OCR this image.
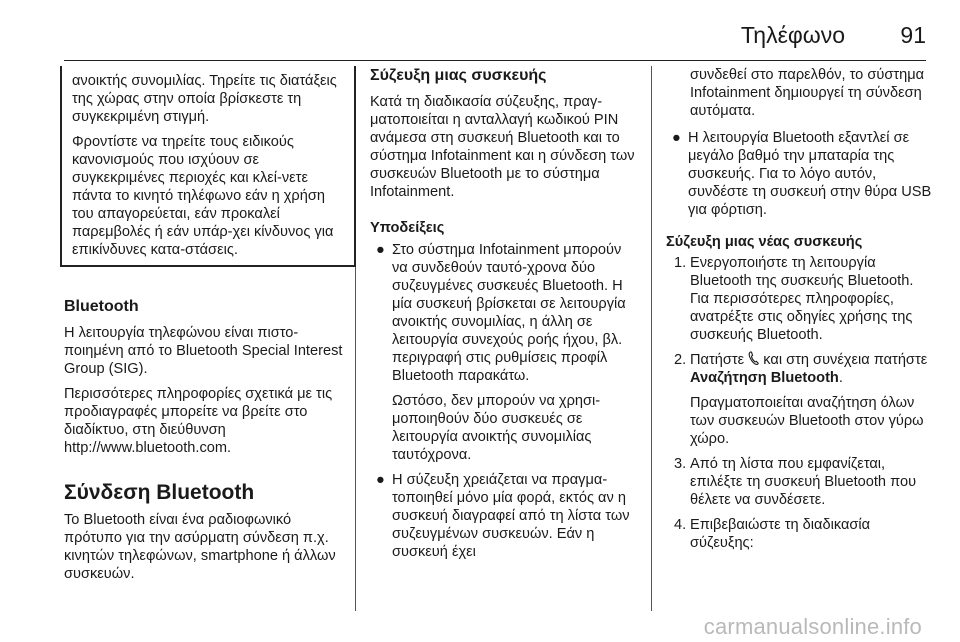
Τηλέφωνο 91

ανοικτής συνομιλίας. Τηρείτε τις διατάξεις της χώρας στην οποία βρίσκεστε τη συγκεκριμένη στιγμή.

Φροντίστε να τηρείτε τους ειδικούς κανονισμούς που ισχύουν σε συγκεκριμένες περιοχές και κλεί-νετε πάντα το κινητό τηλέφωνο εάν η χρήση του απαγορεύεται, εάν προκαλεί παρεμβολές ή εάν υπάρ-χει κίνδυνος για επικίνδυνες κατα-στάσεις.

Bluetooth

Η λειτουργία τηλεφώνου είναι πιστο-ποιημένη από το Bluetooth Special Interest Group (SIG).

Περισσότερες πληροφορίες σχετικά με τις προδιαγραφές μπορείτε να βρείτε στο διαδίκτυο, στη διεύθυνση http://www.bluetooth.com.

Σύνδεση Bluetooth

Το Bluetooth είναι ένα ραδιοφωνικό πρότυπο για την ασύρματη σύνδεση π.χ. κινητών τηλεφώνων, smartphone ή άλλων συσκευών.

Σύζευξη μιας συσκευής

Κατά τη διαδικασία σύζευξης, πραγ-ματοποιείται η ανταλλαγή κωδικού PIN ανάμεσα στη συσκευή Bluetooth και το σύστημα Infotainment και η σύνδεση των συσκευών Bluetooth με το σύστημα Infotainment.

Υποδείξεις
● Στο σύστημα Infotainment μπορούν να συνδεθούν ταυτό-χρονα δύο συζευγμένες συσκευές Bluetooth. Η μία συσκευή βρίσκεται σε λειτουργία ανοικτής συνομιλίας, η άλλη σε λειτουργία συνεχούς ροής ήχου, βλ. περιγραφή στις ρυθμίσεις προφίλ Bluetooth παρακάτω.
Ωστόσο, δεν μπορούν να χρησι-μοποιηθούν δύο συσκευές σε λειτουργία ανοικτής συνομιλίας ταυτόχρονα.
● Η σύζευξη χρειάζεται να πραγμα-τοποιηθεί μόνο μία φορά, εκτός αν η συσκευή διαγραφεί από τη λίστα των συζευγμένων συσκευών. Εάν η συσκευή έχει
συνδεθεί στο παρελθόν, το σύστημα Infotainment δημιουργεί τη σύνδεση αυτόματα.
● Η λειτουργία Bluetooth εξαντλεί σε μεγάλο βαθμό την μπαταρία της συσκευής. Για το λόγο αυτόν, συνδέστε τη συσκευή στην θύρα USB για φόρτιση.
Σύζευξη μιας νέας συσκευής
1. Ενεργοποιήστε τη λειτουργία Bluetooth της συσκευής Bluetooth. Για περισσότερες πληροφορίες, ανατρέξτε στις οδηγίες χρήσης της συσκευής Bluetooth.
2. Πατήστε και στη συνέχεια πατήστε Αναζήτηση Bluetooth.
Πραγματοποιείται αναζήτηση όλων των συσκευών Bluetooth στον γύρω χώρο.
3. Από τη λίστα που εμφανίζεται, επιλέξτε τη συσκευή Bluetooth που θέλετε να συνδέσετε.
4. Επιβεβαιώστε τη διαδικασία σύζευξης:
carmanualsonline.info
